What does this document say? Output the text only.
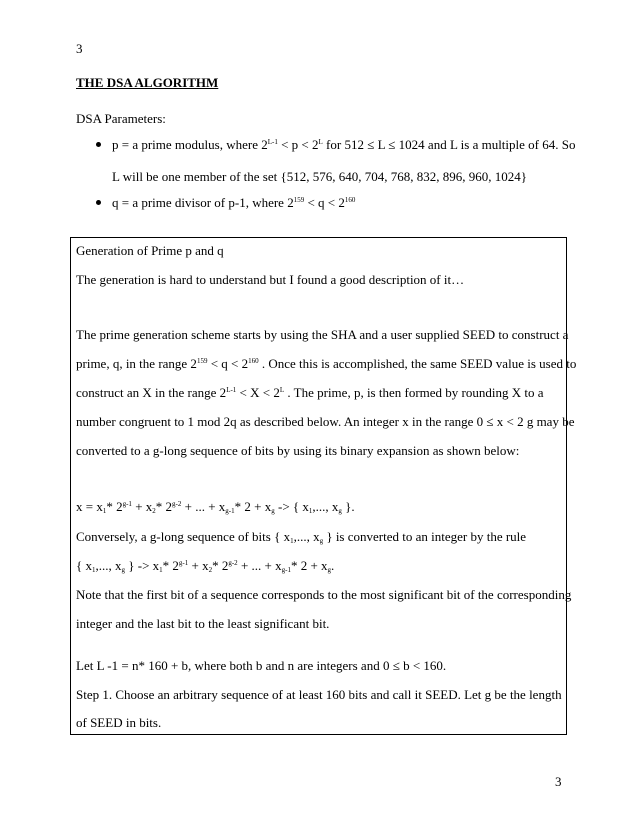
3
THE DSA ALGORITHM
DSA Parameters:
p = a prime modulus, where $2^{L-1} < p < 2^L$ for 512 ≤ L ≤ 1024 and L is a multiple of 64. So
L will be one member of the set {512, 576, 640, 704, 768, 832, 896, 960, 1024}
q = a prime divisor of p-1, where $2^{159} < q < 2^{160}$
Generation of Prime p and q
The generation is hard to understand but I found a good description of it…
The prime generation scheme starts by using the SHA and a user supplied SEED to construct a
prime, q, in the range $2^{159} < q < 2^{160}$ . Once this is accomplished, the same SEED value is used to
construct an X in the range $2^{L-1} < X < 2^L$ . The prime, p, is then formed by rounding X to a
number congruent to 1 mod 2q as described below. An integer x in the range 0 ≤ x < 2 g may be
converted to a g-long sequence of bits by using its binary expansion as shown below:
$x = x_1*$ $2^{g-1} + x_2*$ $2^{g-2}$ + ... + $x_{g-1}*$ $2 + x_g$ -> { $x_1$,..., $x_g$ }.
Conversely, a g-long sequence of bits { $x_1$,..., $x_g$ } is converted to an integer by the rule
{ $x_1$,..., $x_g$ } -> $x_1*$ $2^{g-1} + x_2*$ $2^{g-2}$ + ... + $x_{g-1}*$ $2 + x_g$.
Note that the first bit of a sequence corresponds to the most significant bit of the corresponding
integer and the last bit to the least significant bit.
Let L -1 = n* 160 + b, where both b and n are integers and 0 ≤ b < 160.
Step 1. Choose an arbitrary sequence of at least 160 bits and call it SEED. Let g be the length
of SEED in bits.
3
